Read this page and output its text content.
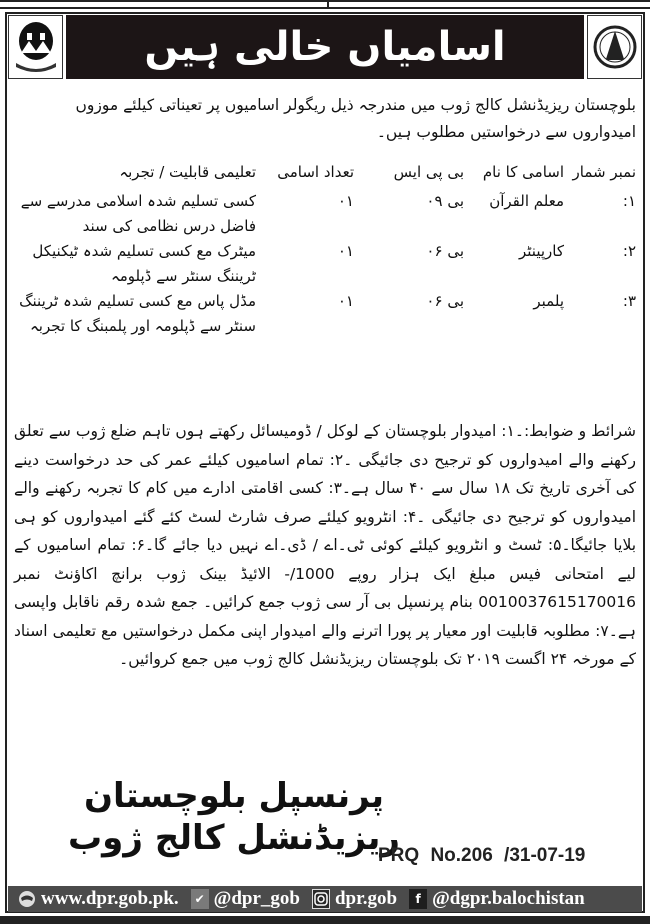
اسامیاں خالی ہیں
بلوچستان ریزیڈنشل کالج ژوب میں مندرجہ ذیل ریگولر اسامیوں پر تعیناتی کیلئے موزوں امیدواروں سے درخواستیں مطلوب ہیں۔
نمبر شمار
اسامی کا نام
بی پی ایس
تعداد اسامی
تعلیمی قابلیت / تجربہ
۱:
معلم القرآن
بی ۰۹
۰۱
کسی تسلیم شدہ اسلامی مدرسے سے فاضل درس نظامی کی سند
۲:
کارپینٹر
بی ۰۶
۰۱
میٹرک مع کسی تسلیم شدہ ٹیکنیکل ٹریننگ سنٹر سے ڈپلومہ
۳:
پلمبر
بی ۰۶
۰۱
مڈل پاس مع کسی تسلیم شدہ ٹریننگ سنٹر سے ڈپلومہ اور پلمبنگ کا تجربہ
شرائط و ضوابط:۔۱: امیدوار بلوچستان کے لوکل / ڈومیسائل رکھتے ہوں تاہم ضلع ژوب سے تعلق رکھنے والے امیدواروں کو ترجیح دی جائیگی ۔۲: تمام اسامیوں کیلئے عمر کی حد درخواست دینے کی آخری تاریخ تک ۱۸ سال سے ۴۰ سال ہے۔۳: کسی اقامتی ادارے میں کام کا تجربہ رکھنے والے امیدواروں کو ترجیح دی جائیگی ۔۴: انٹرویو کیلئے صرف شارٹ لسٹ کئے گئے امیدواروں کو ہی بلایا جائیگا۔۵: ٹسٹ و انٹرویو کیلئے کوئی ٹی۔اے / ڈی۔اے نہیں دیا جائے گا۔۶: تمام اسامیوں کے لیے امتحانی فیس مبلغ ایک ہزار روپے 1000/- الائیڈ بینک ژوب برانچ اکاؤنٹ نمبر 0010037615170016 بنام پرنسپل بی آر سی ژوب جمع کرائیں۔ جمع شدہ رقم ناقابل واپسی ہے۔۷: مطلوبہ قابلیت اور معیار پر پورا اترنے والے امیدوار اپنی مکمل درخواستیں مع تعلیمی اسناد کے مورخہ ۲۴ اگست ۲۰۱۹ تک بلوچستان ریزیڈنشل کالج ژوب میں جمع کروائیں۔
پرنسپل بلوچستان
ریزیڈنشل کالج ژوب
PRQ No.206 /31-07-19
www.dpr.gob.pk.	✔ @dpr_gob dpr.gob	f @dgpr.balochistan
